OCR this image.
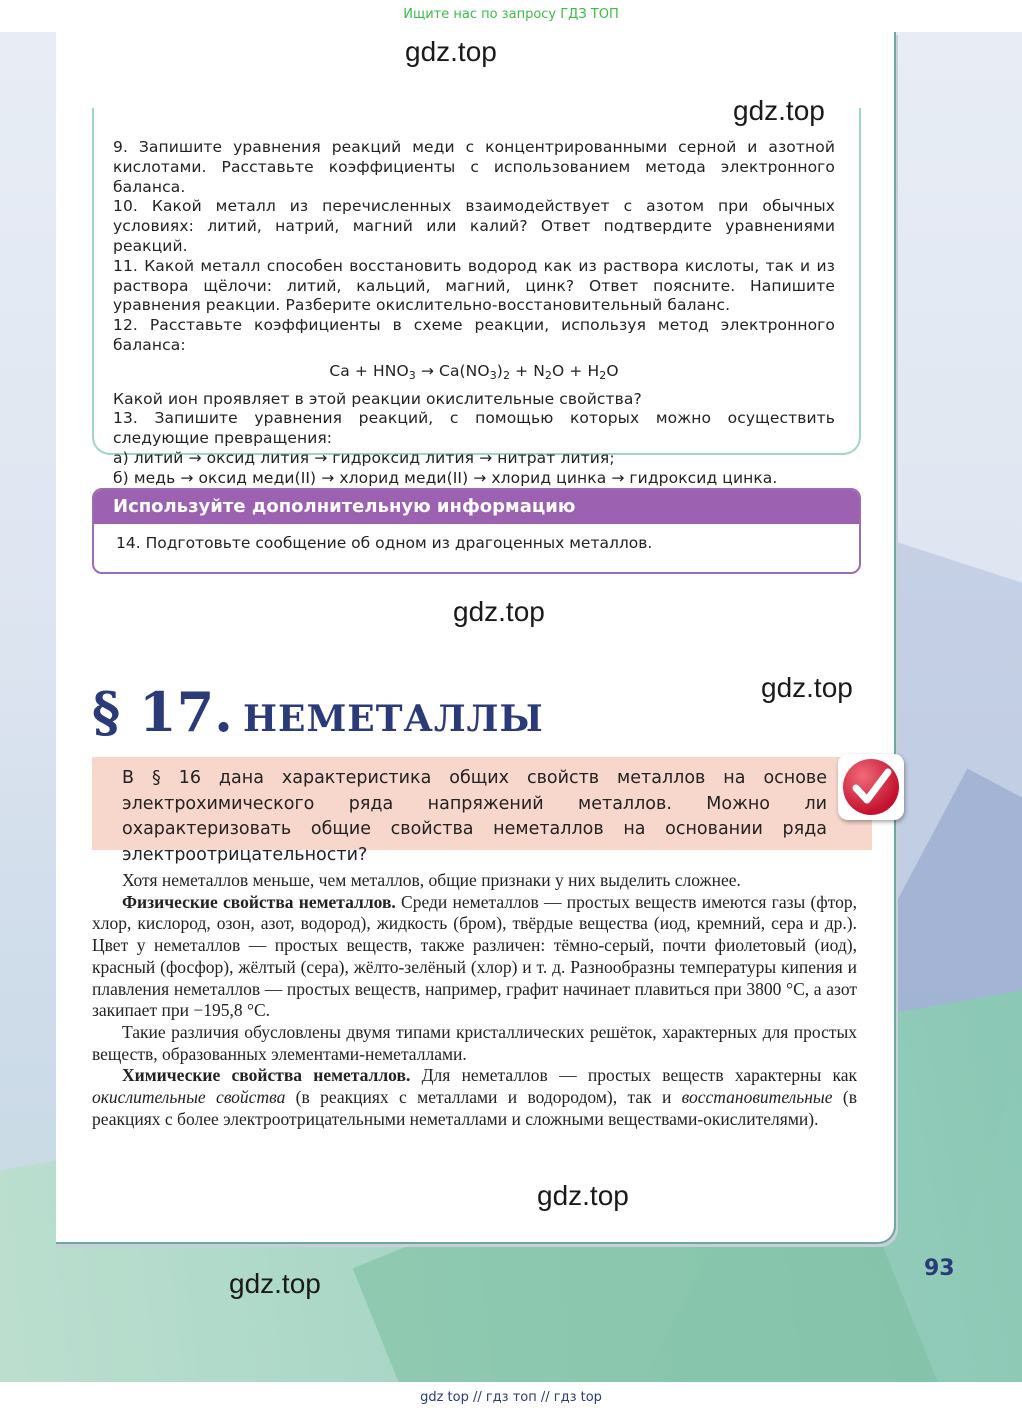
Ищите нас по запросу ГДЗ ТОП

9. Запишите уравнения реакций меди с концентрированными серной и азотной кислотами. Расставьте коэффициенты с использованием метода электронного баланса.

10. Какой металл из перечисленных взаимодействует с азотом при обычных условиях: литий, натрий, магний или калий? Ответ подтвердите уравнениями реакций.

11. Какой металл способен восстановить водород как из раствора кислоты, так и из раствора щёлочи: литий, кальций, магний, цинк? Ответ поясните. Напишите уравнения реакции. Разберите окислительно-восстановительный баланс.

12. Расставьте коэффициенты в схеме реакции, используя метод электронного баланса:

$Ca + HNO_3 \to Ca(NO_3)_2 + N_2O + H_2O$

Какой ион проявляет в этой реакции окислительные свойства?

13. Запишите уравнения реакций, с помощью которых можно осуществить следующие превращения:

а) литий → оксид лития → гидроксид лития → нитрат лития;

б) медь → оксид меди(II) → хлорид меди(II) → хлорид цинка → гидроксид цинка.

Используйте дополнительную информацию
14. Подготовьте сообщение об одном из драгоценных металлов.
§ 17. НЕМЕТАЛЛЫ
В § 16 дана характеристика общих свойств металлов на основе электрохимического ряда напряжений металлов. Можно ли охарактеризовать общие свойства неметаллов на основании ряда электроотрицательности?

Хотя неметаллов меньше, чем металлов, общие признаки у них выделить сложнее.

Физические свойства неметаллов. Среди неметаллов — простых веществ имеются газы (фтор, хлор, кислород, озон, азот, водород), жидкость (бром), твёрдые вещества (иод, кремний, сера и др.). Цвет у неметаллов — простых веществ, также различен: тёмно-серый, почти фиолетовый (иод), красный (фосфор), жёлтый (сера), жёлто-зелёный (хлор) и т. д. Разнообразны температуры кипения и плавления неметаллов — простых веществ, например, графит начинает плавиться при 3800 °С, а азот закипает при −195,8 °С.

Такие различия обусловлены двумя типами кристаллических решёток, характерных для простых веществ, образованных элементами-неметаллами.

Химические свойства неметаллов. Для неметаллов — простых веществ характерны как окислительные свойства (в реакциях с металлами и водородом), так и восстановительные (в реакциях с более электроотрицательными неметаллами и сложными веществами-окислителями).

gdz.top
gdz.top
gdz.top
gdz.top
gdz.top
gdz.top	93
gdz top // гдз топ // гдз top
